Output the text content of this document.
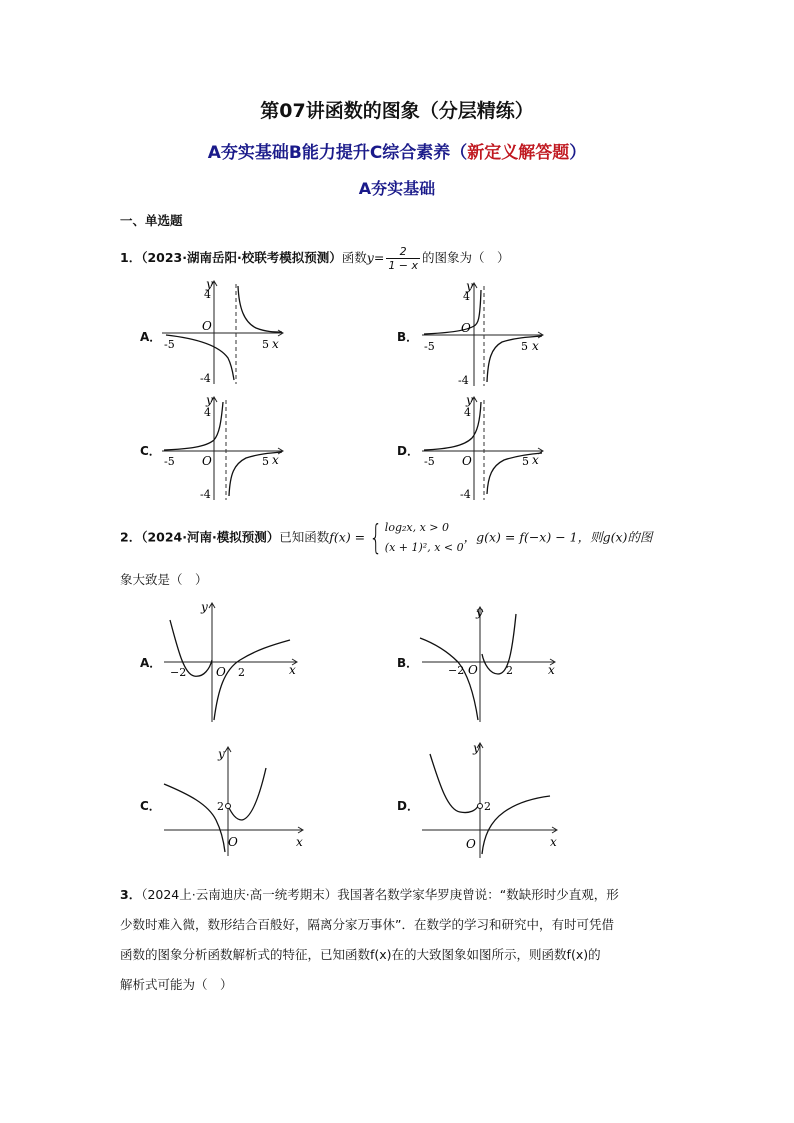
第07讲函数的图象（分层精练）
A夯实基础B能力提升C综合素养（新定义解答题）
A夯实基础
一、单选题
1．（2023·湖南岳阳·校联考模拟预测）函数$y= \frac{2}{1 - x}$ 的图象为（　）
A．	B．
C．	D．
y
x
O
-5	5
4
-4
y
x
O
-5	5
4
-4
y
x
O
-5	5
4
-4
y
x
O
-5	5
4
-4
2．（2024·河南·模拟预测）已知函数f(x) = { log₂x, x > 0
(x + 1)², x < 0
，g(x) = f(−x) − 1，则g(x)的图
象大致是（　）
A．	B．
C．	D．
y
x
O
−2	2
y
x
O
−2	2
y
x
O
2
y
x
O
2
3．（2024上·云南迪庆·高一统考期末）我国著名数学家华罗庚曾说：“数缺形时少直观，形
少数时难入微，数形结合百般好，隔离分家万事休”．在数学的学习和研究中，有时可凭借
函数的图象分析函数解析式的特征，已知函数f(x)在的大致图象如图所示，则函数f(x)的
解析式可能为（　）
